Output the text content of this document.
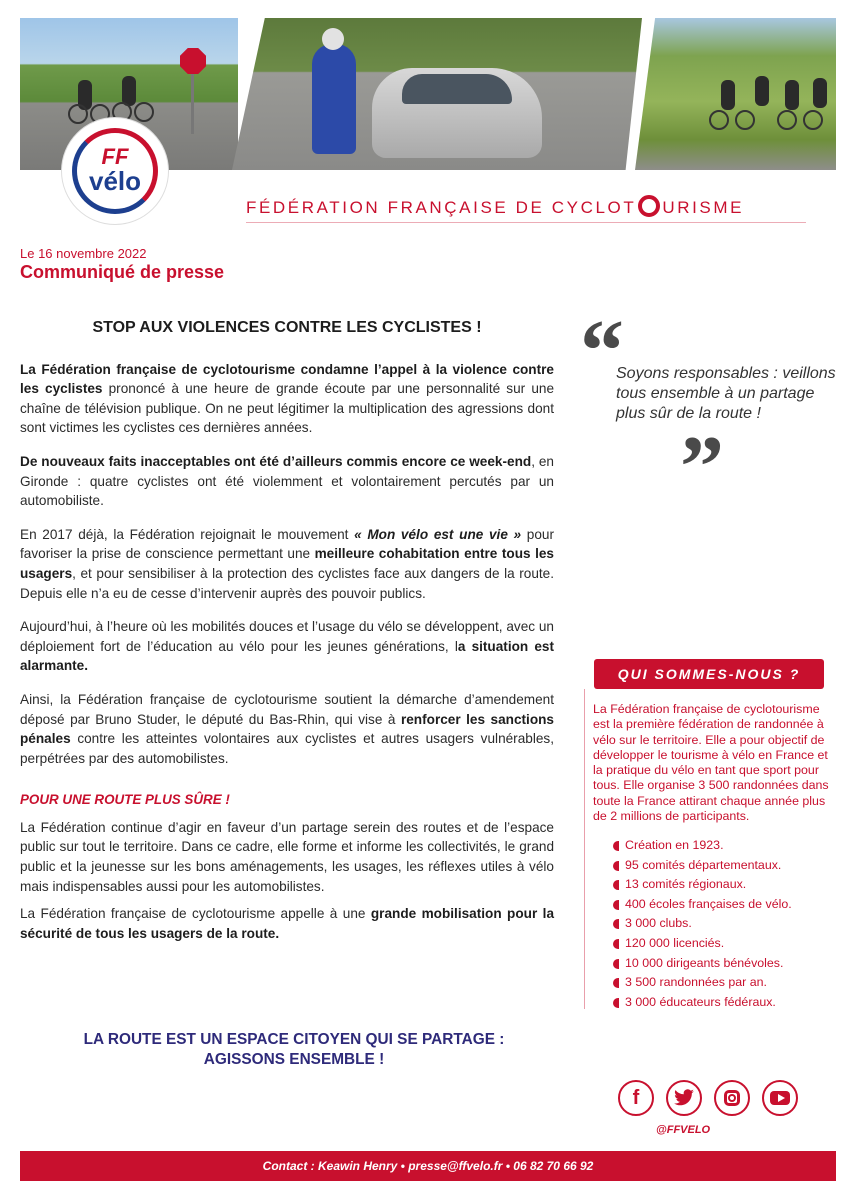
FF
vélo
FÉDÉRATION FRANÇAISE DE CYCLOT URISME
Le 16 novembre 2022
Communiqué de presse
STOP AUX VIOLENCES CONTRE LES CYCLISTES !

La Fédération française de cyclotourisme condamne l’appel à la violence contre les cyclistes prononcé à une heure de grande écoute par une personnalité sur une chaîne de télévision publique. On ne peut légitimer la multiplication des agressions dont sont victimes les cyclistes ces dernières années.

De nouveaux faits inacceptables ont été d’ailleurs commis encore ce week-end, en Gironde : quatre cyclistes ont été violemment et volontairement percutés par un automobiliste.

En 2017 déjà, la Fédération rejoignait le mouvement « Mon vélo est une vie » pour favoriser la prise de conscience permettant une meilleure cohabitation entre tous les usagers, et pour sensibiliser à la protection des cyclistes face aux dangers de la route. Depuis elle n’a eu de cesse d’intervenir auprès des pouvoir publics.

Aujourd’hui, à l’heure où les mobilités douces et l’usage du vélo se développent, avec un déploiement fort de l’éducation au vélo pour les jeunes générations, la situation est alarmante.

Ainsi, la Fédération française de cyclotourisme soutient la démarche d’amendement déposé par Bruno Studer, le député du Bas-Rhin, qui vise à renforcer les sanctions pénales contre les atteintes volontaires aux cyclistes et autres usagers vulnérables, perpétrées par des automobilistes.

POUR UNE ROUTE PLUS SÛRE !

La Fédération continue d’agir en faveur d’un partage serein des routes et de l’espace public sur tout le territoire. Dans ce cadre, elle forme et informe les collectivités, le grand public et la jeunesse sur les bons aménagements, les usages, les réflexes utiles à vélo mais indispensables aussi pour les automobilistes.

La Fédération française de cyclotourisme appelle à une grande mobilisation pour la sécurité de tous les usagers de la route.

LA ROUTE EST UN ESPACE CITOYEN QUI SE PARTAGE :
AGISSONS ENSEMBLE !
“ Soyons responsables : veillons tous ensemble à un partage plus sûr de la route !
”
QUI SOMMES-NOUS ?
La Fédération française de cyclotourisme est la première fédération de randonnée à vélo sur le territoire. Elle a pour objectif de développer le tourisme à vélo en France et la pratique du vélo en tant que sport pour tous. Elle organise 3 500 randonnées dans toute la France attirant chaque année plus de 2 millions de participants.
Création en 1923.
95 comités départementaux.
13 comités régionaux.
400 écoles françaises de vélo.
3 000 clubs.
120 000 licenciés.
10 000 dirigeants bénévoles.
3 500 randonnées par an.
3 000 éducateurs fédéraux.
f
@FFVELO
Contact : Keawin Henry • presse@ffvelo.fr • 06 82 70 66 92
